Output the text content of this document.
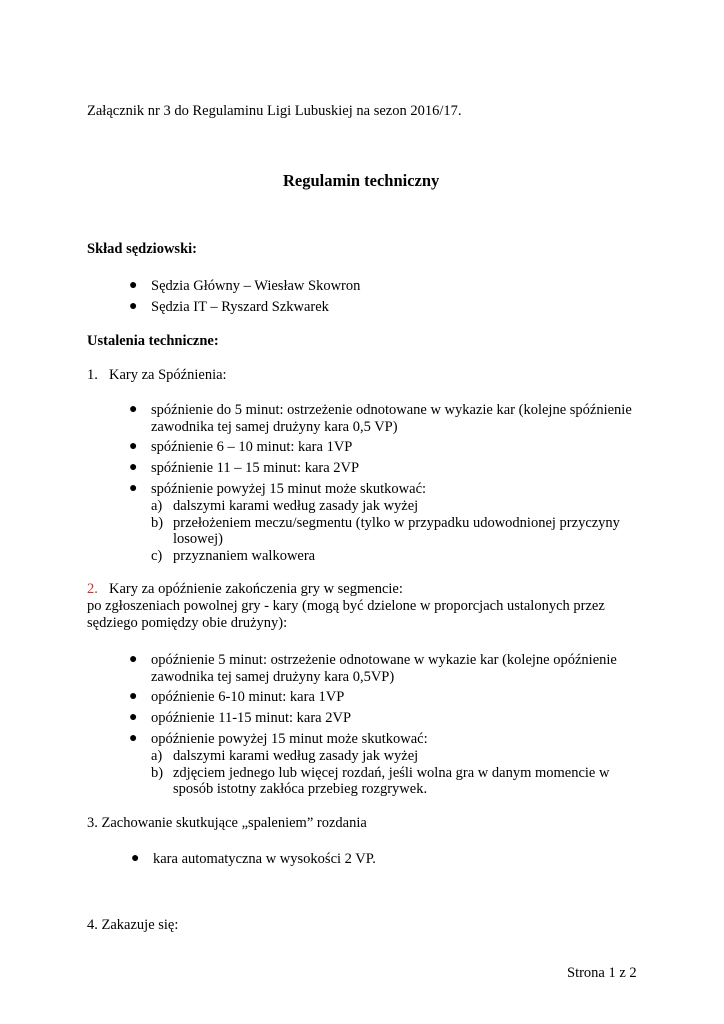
Załącznik nr 3 do Regulaminu Ligi Lubuskiej na sezon 2016/17.
Regulamin techniczny
Skład sędziowski:
● Sędzia Główny – Wiesław Skowron
● Sędzia IT – Ryszard Szkwarek
Ustalenia techniczne:
1. Kary za Spóźnienia:
● spóźnienie do 5 minut: ostrzeżenie odnotowane w wykazie kar (kolejne spóźnienie
zawodnika tej samej drużyny kara 0,5 VP)
● spóźnienie 6 – 10 minut: kara 1VP
● spóźnienie 11 – 15 minut: kara 2VP
● spóźnienie powyżej 15 minut może skutkować:
a) dalszymi karami według zasady jak wyżej
b) przełożeniem meczu/segmentu (tylko w przypadku udowodnionej przyczyny
losowej)
c) przyznaniem walkowera
2. Kary za opóźnienie zakończenia gry w segmencie:
po zgłoszeniach powolnej gry - kary (mogą być dzielone w proporcjach ustalonych przez
sędziego pomiędzy obie drużyny):
● opóźnienie 5 minut: ostrzeżenie odnotowane w wykazie kar (kolejne opóźnienie
zawodnika tej samej drużyny kara 0,5VP)
● opóźnienie 6-10 minut: kara 1VP
● opóźnienie 11-15 minut: kara 2VP
● opóźnienie powyżej 15 minut może skutkować:
a) dalszymi karami według zasady jak wyżej
b) zdjęciem jednego lub więcej rozdań, jeśli wolna gra w danym momencie w
sposób istotny zakłóca przebieg rozgrywek.
3. Zachowanie skutkujące „spaleniem” rozdania
● kara automatyczna w wysokości 2 VP.
4. Zakazuje się:
Strona 1 z 2
